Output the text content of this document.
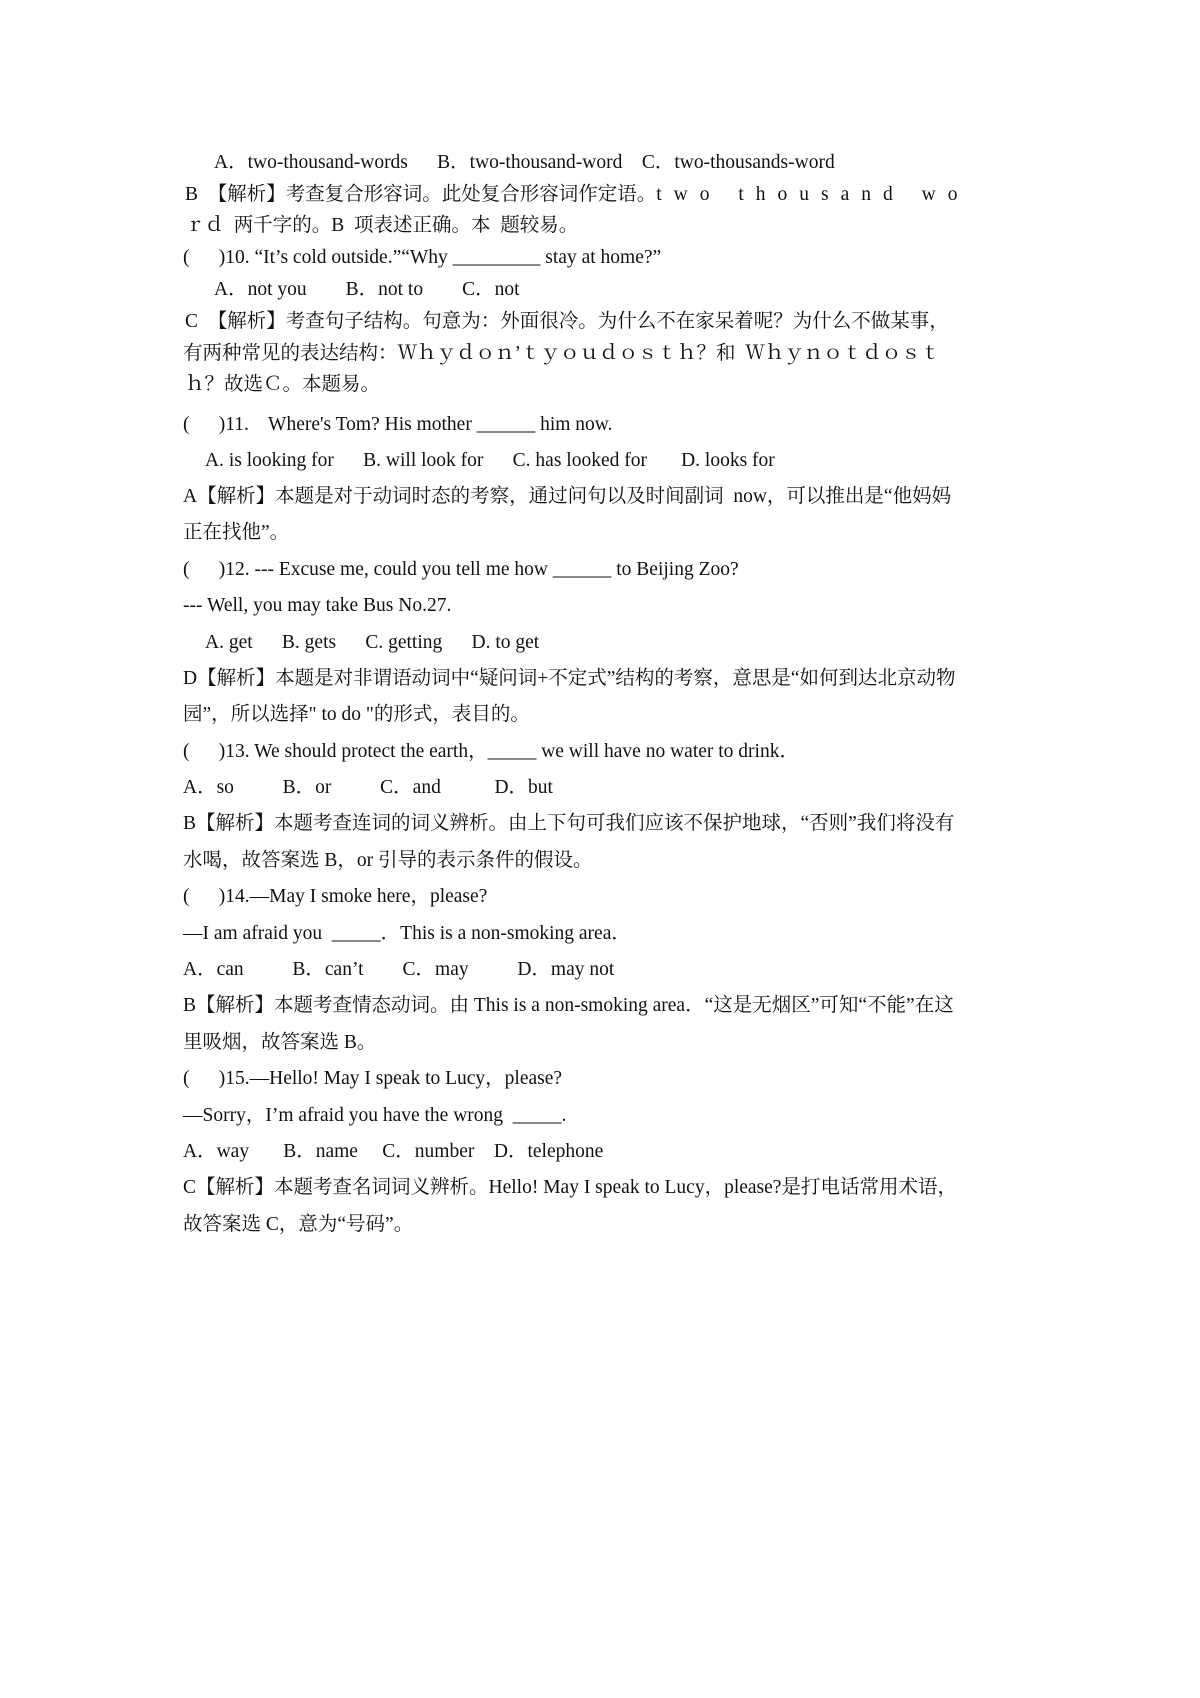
A．two-thousand-words      B．two-thousand-word    C．two-thousands-word
B  【解析】考查复合形容词。此处复合形容词作定语。two thousand wo
ｒｄ  两千字的。B  项表述正确。本  题较易。
(      )10. “It’s cold outside.”“Why _________ stay at home?”
A．not you        B．not to        C．not
C  【解析】考查句子结构。句意为：外面很冷。为什么不在家呆着呢？为什么不做某事，
有两种常见的表达结构：Ｗｈｙｄｏｎ’ｔｙｏｕｄｏｓｔｈ？和  Ｗｈｙｎｏｔｄｏｓｔ
ｈ？故选Ｃ。本题易。
(      )11.    Where's Tom? His mother ______ him now.
A. is looking for      B. will look for      C. has looked for       D. looks for
A【解析】本题是对于动词时态的考察，通过问句以及时间副词  now，可以推出是“他妈妈
正在找他”。
(      )12. --- Excuse me, could you tell me how ______ to Beijing Zoo?
--- Well, you may take Bus No.27.
A. get      B. gets      C. getting      D. to get
D【解析】本题是对非谓语动词中“疑问词+不定式”结构的考察，意思是“如何到达北京动物
园”，所以选择" to do "的形式，表目的。
(      )13. We should protect the earth，_____ we will have no water to drink．
A．so          B．or          C．and           D．but
B【解析】本题考查连词的词义辨析。由上下句可我们应该不保护地球，“否则”我们将没有
水喝，故答案选 B，or 引导的表示条件的假设。
(      )14.—May I smoke here，please?
—I am afraid you  _____．This is a non-smoking area．
A．can          B．can’t        C．may          D．may not
B【解析】本题考查情态动词。由 This is a non-smoking area．“这是无烟区”可知“不能”在这
里吸烟，故答案选 B。
(      )15.—Hello! May I speak to Lucy，please?
—Sorry，I’m afraid you have the wrong  _____.
A．way       B．name     C．number    D．telephone
C【解析】本题考查名词词义辨析。Hello! May I speak to Lucy，please?是打电话常用术语，
故答案选 C，意为“号码”。
